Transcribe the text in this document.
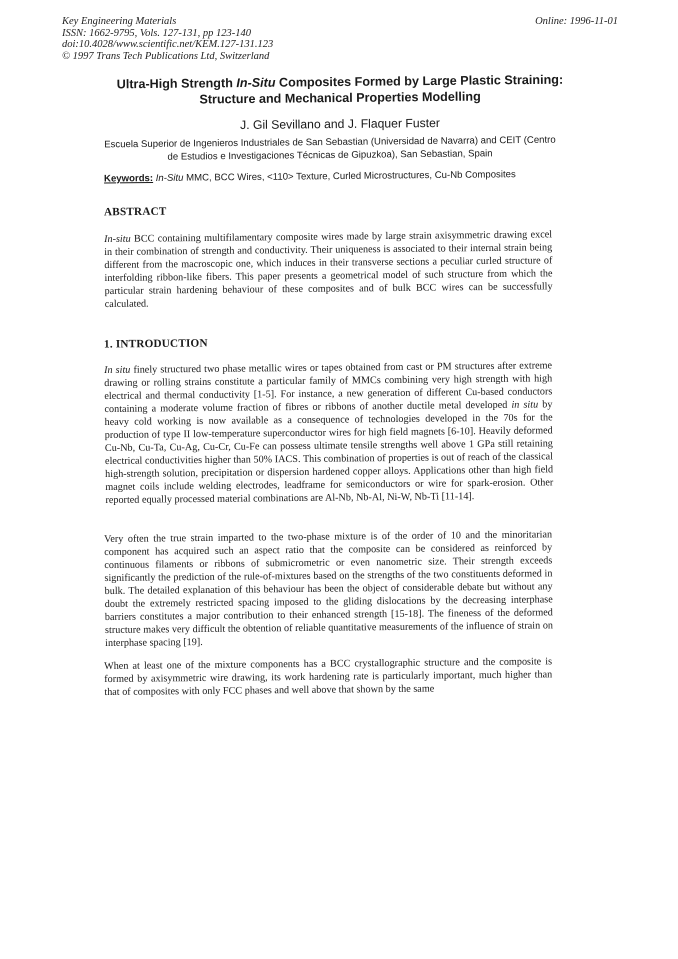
Key Engineering Materials
ISSN: 1662-9795, Vols. 127-131, pp 123-140
doi:10.4028/www.scientific.net/KEM.127-131.123
© 1997 Trans Tech Publications Ltd, Switzerland
Online: 1996-11-01
Ultra-High Strength In-Situ Composites Formed by Large Plastic Straining: Structure and Mechanical Properties Modelling
J. Gil Sevillano and J. Flaquer Fuster
Escuela Superior de Ingenieros Industriales de San Sebastian (Universidad de Navarra) and CEIT (Centro de Estudios e Investigaciones Técnicas de Gipuzkoa), San Sebastian, Spain
Keywords: In-Situ MMC, BCC Wires, <110> Texture, Curled Microstructures, Cu-Nb Composites
ABSTRACT
In-situ BCC containing multifilamentary composite wires made by large strain axisymmetric drawing excel in their combination of strength and conductivity. Their uniqueness is associated to their internal strain being different from the macroscopic one, which induces in their transverse sections a peculiar curled structure of interfolding ribbon-like fibers. This paper presents a geometrical model of such structure from which the particular strain hardening behaviour of these composites and of bulk BCC wires can be successfully calculated.
1. INTRODUCTION
In situ finely structured two phase metallic wires or tapes obtained from cast or PM structures after extreme drawing or rolling strains constitute a particular family of MMCs combining very high strength with high electrical and thermal conductivity [1-5]. For instance, a new generation of different Cu-based conductors containing a moderate volume fraction of fibres or ribbons of another ductile metal developed in situ by heavy cold working is now available as a consequence of technologies developed in the 70s for the production of type II low-temperature superconductor wires for high field magnets [6-10]. Heavily deformed Cu-Nb, Cu-Ta, Cu-Ag, Cu-Cr, Cu-Fe can possess ultimate tensile strengths well above 1 GPa still retaining electrical conductivities higher than 50% IACS. This combination of properties is out of reach of the classical high-strength solution, precipitation or dispersion hardened copper alloys. Applications other than high field magnet coils include welding electrodes, leadframe for semiconductors or wire for spark-erosion. Other reported equally processed material combinations are Al-Nb, Nb-Al, Ni-W, Nb-Ti [11-14].
Very often the true strain imparted to the two-phase mixture is of the order of 10 and the minoritarian component has acquired such an aspect ratio that the composite can be considered as reinforced by continuous filaments or ribbons of submicrometric or even nanometric size. Their strength exceeds significantly the prediction of the rule-of-mixtures based on the strengths of the two constituents deformed in bulk. The detailed explanation of this behaviour has been the object of considerable debate but without any doubt the extremely restricted spacing imposed to the gliding dislocations by the decreasing interphase barriers constitutes a major contribution to their enhanced strength [15-18]. The fineness of the deformed structure makes very difficult the obtention of reliable quantitative measurements of the influence of strain on interphase spacing [19].
When at least one of the mixture components has a BCC crystallographic structure and the composite is formed by axisymmetric wire drawing, its work hardening rate is particularly important, much higher than that of composites with only FCC phases and well above that shown by the same
